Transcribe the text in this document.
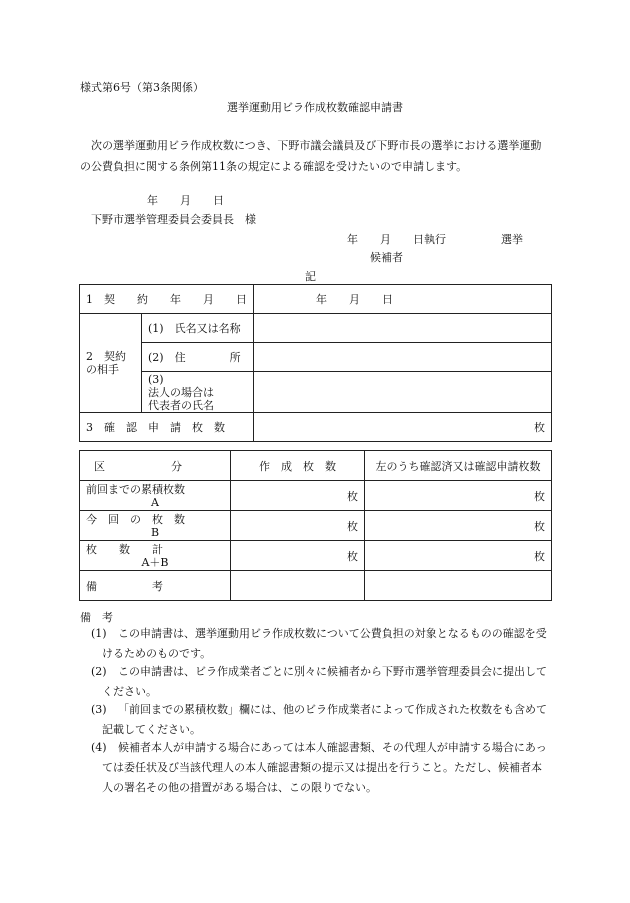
様式第6号（第3条関係）
選挙運動用ビラ作成枚数確認申請書
次の選挙運動用ビラ作成枚数につき、下野市議会議員及び下野市長の選挙における選挙運動の公費負担に関する条例第11条の規定による確認を受けたいので申請します。
年　　月　　日
下野市選挙管理委員会委員長　様
年　　月　　日執行　　　　　選挙
候補者
記
1　契　　約　　年　　月　　日	年　　月　　日
2　契約の相手	(1)　氏名又は名称	
	(2)　住　　　　所	
	(3)法人の場合は代表者の氏名	
3　確　認　申　請　枚　数		枚
区　　　　　　分	作　成　枚　数	左のうち確認済又は確認申請枚数

前回までの累積枚数
A	枚	枚

今　回　の　枚　数
B	枚	枚

枚　　数　　計
A＋B	枚	枚

備　　　　　考		
備　考
(1)	この申請書は、選挙運動用ビラ作成枚数について公費負担の対象となるものの確認を受けるためのものです。
(2)	この申請書は、ビラ作成業者ごとに別々に候補者から下野市選挙管理委員会に提出してください。
(3)	「前回までの累積枚数」欄には、他のビラ作成業者によって作成された枚数をも含めて記載してください。
(4)	候補者本人が申請する場合にあっては本人確認書類、その代理人が申請する場合にあっては委任状及び当該代理人の本人確認書類の提示又は提出を行うこと。ただし、候補者本人の署名その他の措置がある場合は、この限りでない。
